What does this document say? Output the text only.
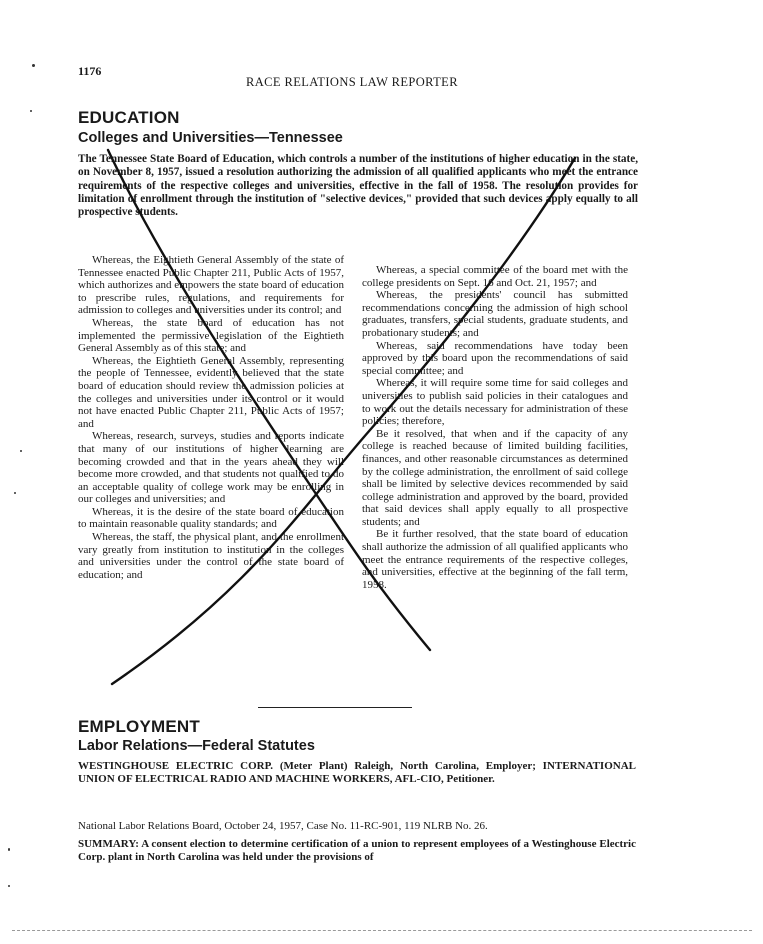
1176
RACE RELATIONS LAW REPORTER
EDUCATION
Colleges and Universities—Tennessee

The Tennessee State Board of Education, which controls a number of the institutions of higher education in the state, on November 8, 1957, issued a resolution authorizing the admission of all qualified applicants who meet the entrance requirements of the respective colleges and universities, effective in the fall of 1958. The resolution provides for limitation of enrollment through the institution of "selective devices," provided that such devices apply equally to all prospective students.

Whereas, the Eightieth General Assembly of the state of Tennessee enacted Public Chapter 211, Public Acts of 1957, which authorizes and empowers the state board of education to prescribe rules, regulations, and requirements for admission to colleges and universities under its control; and

Whereas, the state board of education has not implemented the permissive legislation of the Eightieth General Assembly as of this state; and

Whereas, the Eightieth General Assembly, representing the people of Tennessee, evidently believed that the state board of education should review the admission policies at the colleges and universities under its control or it would not have enacted Public Chapter 211, Public Acts of 1957; and

Whereas, research, surveys, studies and reports indicate that many of our institutions of higher learning are becoming crowded and that in the years ahead they will become more crowded, and that students not qualified to do an acceptable quality of college work may be enrolling in our colleges and universities; and

Whereas, it is the desire of the state board of education to maintain reasonable quality standards; and

Whereas, the staff, the physical plant, and the enrollment vary greatly from institution to institution in the colleges and universities under the control of the state board of education; and

Whereas, a special committee of the board met with the college presidents on Sept. 16 and Oct. 21, 1957; and

Whereas, the presidents' council has submitted recommendations concerning the admission of high school graduates, transfers, special students, graduate students, and probationary students; and

Whereas, said recommendations have today been approved by this board upon the recommendations of said special committee; and

Whereas, it will require some time for said colleges and universities to publish said policies in their catalogues and to work out the details necessary for administration of these policies; therefore,

Be it resolved, that when and if the capacity of any college is reached because of limited building facilities, finances, and other reasonable circumstances as determined by the college administration, the enrollment of said college shall be limited by selective devices recommended by said college administration and approved by the board, provided that said devices shall apply equally to all prospective students; and

Be it further resolved, that the state board of education shall authorize the admission of all qualified applicants who meet the entrance requirements of the respective colleges, and universities, effective at the beginning of the fall term, 1958.

EMPLOYMENT
Labor Relations—Federal Statutes

WESTINGHOUSE ELECTRIC CORP. (Meter Plant) Raleigh, North Carolina, Employer; INTERNATIONAL UNION OF ELECTRICAL RADIO AND MACHINE WORKERS, AFL-CIO, Petitioner.

National Labor Relations Board, October 24, 1957, Case No. 11-RC-901, 119 NLRB No. 26.

SUMMARY: A consent election to determine certification of a union to represent employees of a Westinghouse Electric Corp. plant in North Carolina was held under the provisions of
